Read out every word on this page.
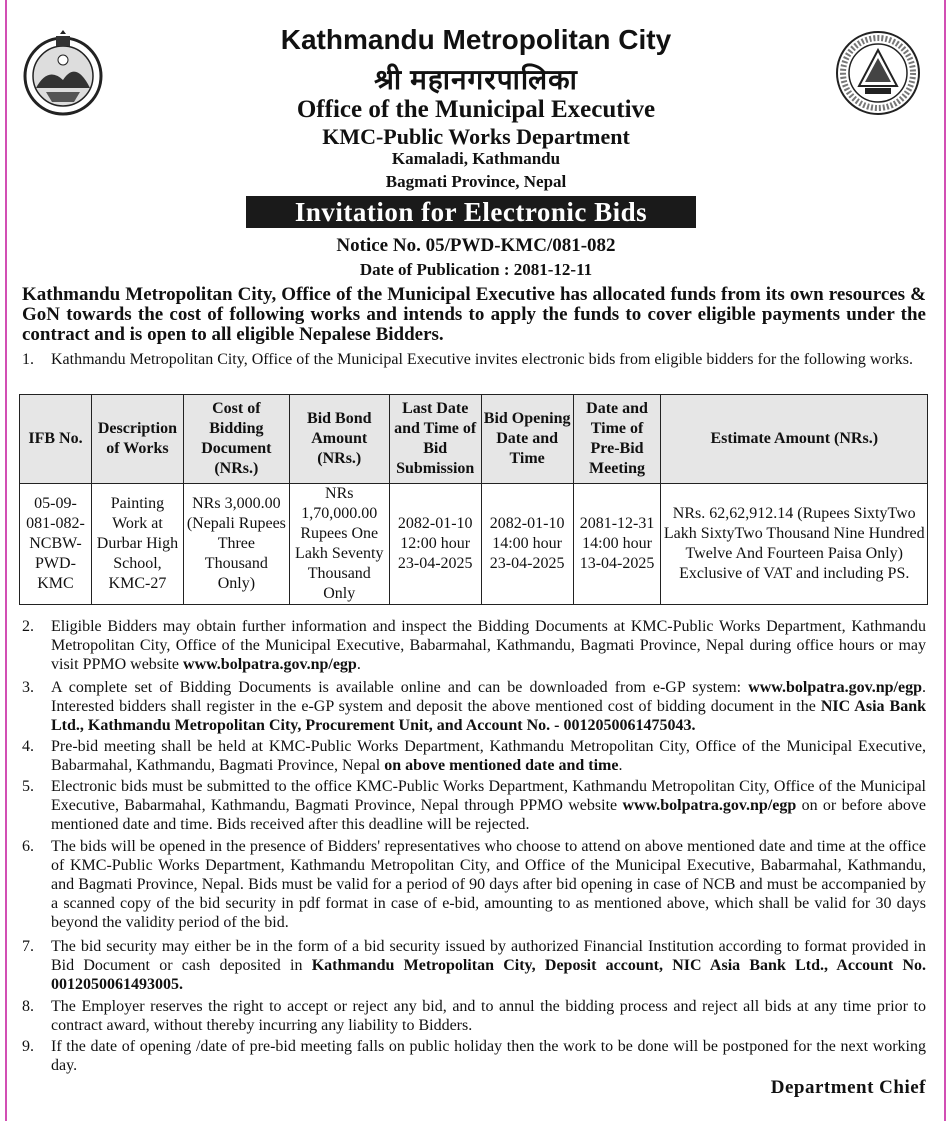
Kathmandu Metropolitan City
श्री महानगरपालिका
Office of the Municipal Executive
KMC-Public Works Department
Kamaladi, Kathmandu
Bagmati Province, Nepal
Invitation for Electronic Bids
Notice No. 05/PWD-KMC/081-082
Date of Publication : 2081-12-11
Kathmandu Metropolitan City, Office of the Municipal Executive has allocated funds from its own resources & GoN towards the cost of following works and intends to apply the funds to cover eligible payments under the contract and is open to all eligible Nepalese Bidders.
1. Kathmandu Metropolitan City, Office of the Municipal Executive invites electronic bids from eligible bidders for the following works.
IFB No.	Description of Works	Cost of Bidding Document (NRs.)	Bid Bond Amount (NRs.)	Last Date and Time of Bid Submission	Bid Opening Date and Time	Date and Time of Pre-Bid Meeting	Estimate Amount (NRs.)
05-09-081-082-NCBW-PWD-KMC	Painting Work at Durbar High School, KMC-27	NRs 3,000.00 (Nepali Rupees Three Thousand Only)	NRs 1,70,000.00 Rupees One Lakh Seventy Thousand Only	2082-01-10 12:00 hour 23-04-2025	2082-01-10 14:00 hour 23-04-2025	2081-12-31 14:00 hour 13-04-2025	NRs. 62,62,912.14 (Rupees SixtyTwo Lakh SixtyTwo Thousand Nine Hundred Twelve And Fourteen Paisa Only) Exclusive of VAT and including PS.
2. Eligible Bidders may obtain further information and inspect the Bidding Documents at KMC-Public Works Department, Kathmandu Metropolitan City, Office of the Municipal Executive, Babarmahal, Kathmandu, Bagmati Province, Nepal during office hours or may visit PPMO website www.bolpatra.gov.np/egp.
3. A complete set of Bidding Documents is available online and can be downloaded from e-GP system: www.bolpatra.gov.np/egp. Interested bidders shall register in the e-GP system and deposit the above mentioned cost of bidding document in the NIC Asia Bank Ltd., Kathmandu Metropolitan City, Procurement Unit, and Account No. - 0012050061475043.
4. Pre-bid meeting shall be held at KMC-Public Works Department, Kathmandu Metropolitan City, Office of the Municipal Executive, Babarmahal, Kathmandu, Bagmati Province, Nepal on above mentioned date and time.
5. Electronic bids must be submitted to the office KMC-Public Works Department, Kathmandu Metropolitan City, Office of the Municipal Executive, Babarmahal, Kathmandu, Bagmati Province, Nepal through PPMO website www.bolpatra.gov.np/egp on or before above mentioned date and time. Bids received after this deadline will be rejected.
6. The bids will be opened in the presence of Bidders' representatives who choose to attend on above mentioned date and time at the office of KMC-Public Works Department, Kathmandu Metropolitan City, and Office of the Municipal Executive, Babarmahal, Kathmandu, and Bagmati Province, Nepal. Bids must be valid for a period of 90 days after bid opening in case of NCB and must be accompanied by a scanned copy of the bid security in pdf format in case of e-bid, amounting to as mentioned above, which shall be valid for 30 days beyond the validity period of the bid.
7. The bid security may either be in the form of a bid security issued by authorized Financial Institution according to format provided in Bid Document or cash deposited in Kathmandu Metropolitan City, Deposit account, NIC Asia Bank Ltd., Account No. 0012050061493005.
8. The Employer reserves the right to accept or reject any bid, and to annul the bidding process and reject all bids at any time prior to contract award, without thereby incurring any liability to Bidders.
9. If the date of opening /date of pre-bid meeting falls on public holiday then the work to be done will be postponed for the next working day.
Department Chief
